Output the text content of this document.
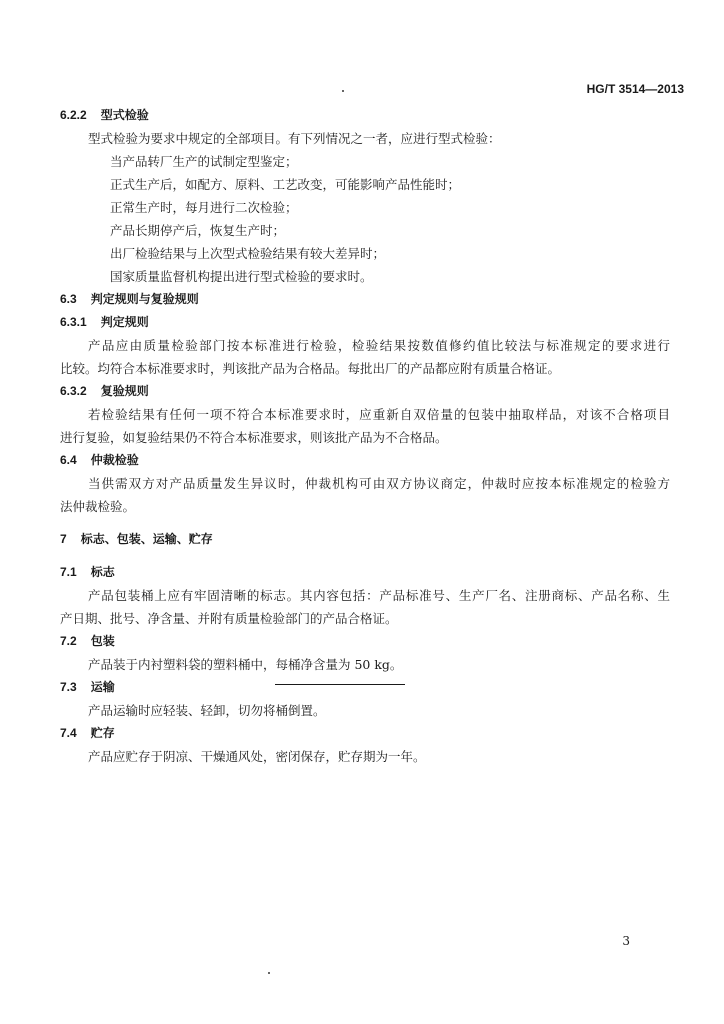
HG/T 3514—2013
6.2.2 型式检验
型式检验为要求中规定的全部项目。有下列情况之一者，应进行型式检验：
当产品转厂生产的试制定型鉴定；
正式生产后，如配方、原料、工艺改变，可能影响产品性能时；
正常生产时，每月进行二次检验；
产品长期停产后，恢复生产时；
出厂检验结果与上次型式检验结果有较大差异时；
国家质量监督机构提出进行型式检验的要求时。
6.3 判定规则与复验规则
6.3.1 判定规则
产品应由质量检验部门按本标准进行检验，检验结果按数值修约值比较法与标准规定的要求进行
比较。均符合本标准要求时，判该批产品为合格品。每批出厂的产品都应附有质量合格证。
6.3.2 复验规则
若检验结果有任何一项不符合本标准要求时，应重新自双倍量的包装中抽取样品，对该不合格项目
进行复验，如复验结果仍不符合本标准要求，则该批产品为不合格品。
6.4 仲裁检验
当供需双方对产品质量发生异议时，仲裁机构可由双方协议商定，仲裁时应按本标准规定的检验方
法仲裁检验。
7 标志、包装、运输、贮存
7.1 标志
产品包装桶上应有牢固清晰的标志。其内容包括：产品标准号、生产厂名、注册商标、产品名称、生
产日期、批号、净含量、并附有质量检验部门的产品合格证。
7.2 包装
产品装于内衬塑料袋的塑料桶中，每桶净含量为 50 kg。
7.3 运输
产品运输时应轻装、轻卸，切勿将桶倒置。
7.4 贮存
产品应贮存于阴凉、干燥通风处，密闭保存，贮存期为一年。
3
